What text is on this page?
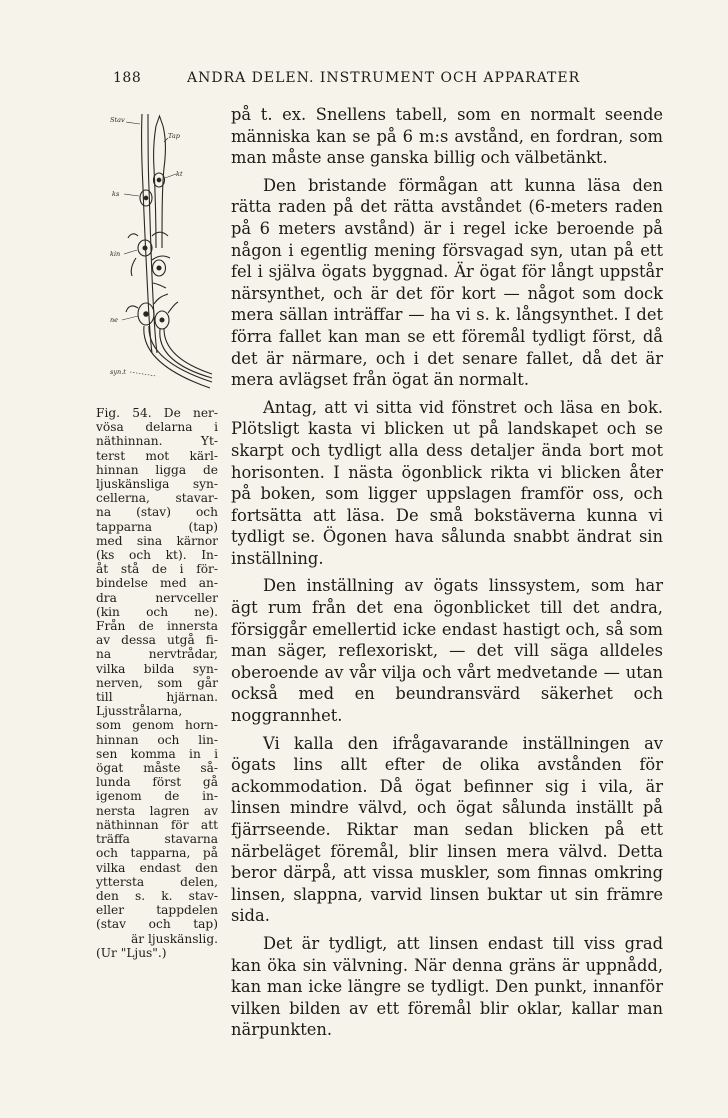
188	ANDRA DELEN. INSTRUMENT OCH APPARATER
Stav
Tap
kt
ks
kin
ne
syn.t
Fig. 54. De ner-
vösa delarna i
näthinnan. Yt-
terst mot kärl-
hinnan ligga de
ljuskänsliga syn-
cellerna, stavar-
na (stav) och
tapparna (tap)
med sina kärnor
(ks och kt). In-
åt stå de i för-
bindelse med an-
dra nervceller
(kin och ne).
Från de innersta
av dessa utgå fi-
na nervtrådar,
vilka bilda syn-
nerven, som går
till hjärnan.
Ljusstrålarna,
som genom horn-
hinnan och lin-
sen komma in i
ögat måste så-
lunda först gå
igenom de in-
nersta lagren av
näthinnan för att
träffa stavarna
och tapparna, på
vilka endast den
yttersta delen,
den s. k. stav-
eller tappdelen
(stav och tap)
är ljuskänslig.
(Ur "Ljus".)

på t. ex. Snellens tabell, som en normalt seende människa kan se på 6 m:s avstånd, en fordran, som man måste anse ganska billig och välbetänkt.

Den bristande förmågan att kunna läsa den rätta raden på det rätta avståndet (6-meters raden på 6 meters avstånd) är i regel icke beroende på någon i egentlig mening försvagad syn, utan på ett fel i själva ögats byggnad. Är ögat för långt uppstår närsynthet, och är det för kort — något som dock mera sällan inträffar — ha vi s. k. långsynthet. I det förra fallet kan man se ett föremål tydligt först, då det är närmare, och i det senare fallet, då det är mera avlägset från ögat än normalt.

Antag, att vi sitta vid fönstret och läsa en bok. Plötsligt kasta vi blicken ut på landskapet och se skarpt och tydligt alla dess detaljer ända bort mot horisonten. I nästa ögonblick rikta vi blicken åter på boken, som ligger uppslagen framför oss, och fortsätta att läsa. De små bokstäverna kunna vi tydligt se. Ögonen hava sålunda snabbt ändrat sin inställning.

Den inställning av ögats linssystem, som har ägt rum från det ena ögonblicket till det andra, försiggår emellertid icke endast hastigt och, så som man säger, reflexoriskt, — det vill säga alldeles oberoende av vår vilja och vårt medvetande — utan också med en beundransvärd säkerhet och noggrannhet.

Vi kalla den ifrågavarande inställningen av ögats lins allt efter de olika avstånden för ackommodation. Då ögat befinner sig i vila, är linsen mindre välvd, och ögat sålunda inställt på fjärrseende. Riktar man sedan blicken på ett närbeläget föremål, blir linsen mera välvd. Detta beror därpå, att vissa muskler, som finnas omkring linsen, slappna, varvid linsen buktar ut sin främre sida.

Det är tydligt, att linsen endast till viss grad kan öka sin välvning. När denna gräns är uppnådd, kan man icke längre se tydligt. Den punkt, innanför vilken bilden av ett föremål blir oklar, kallar man närpunkten.
